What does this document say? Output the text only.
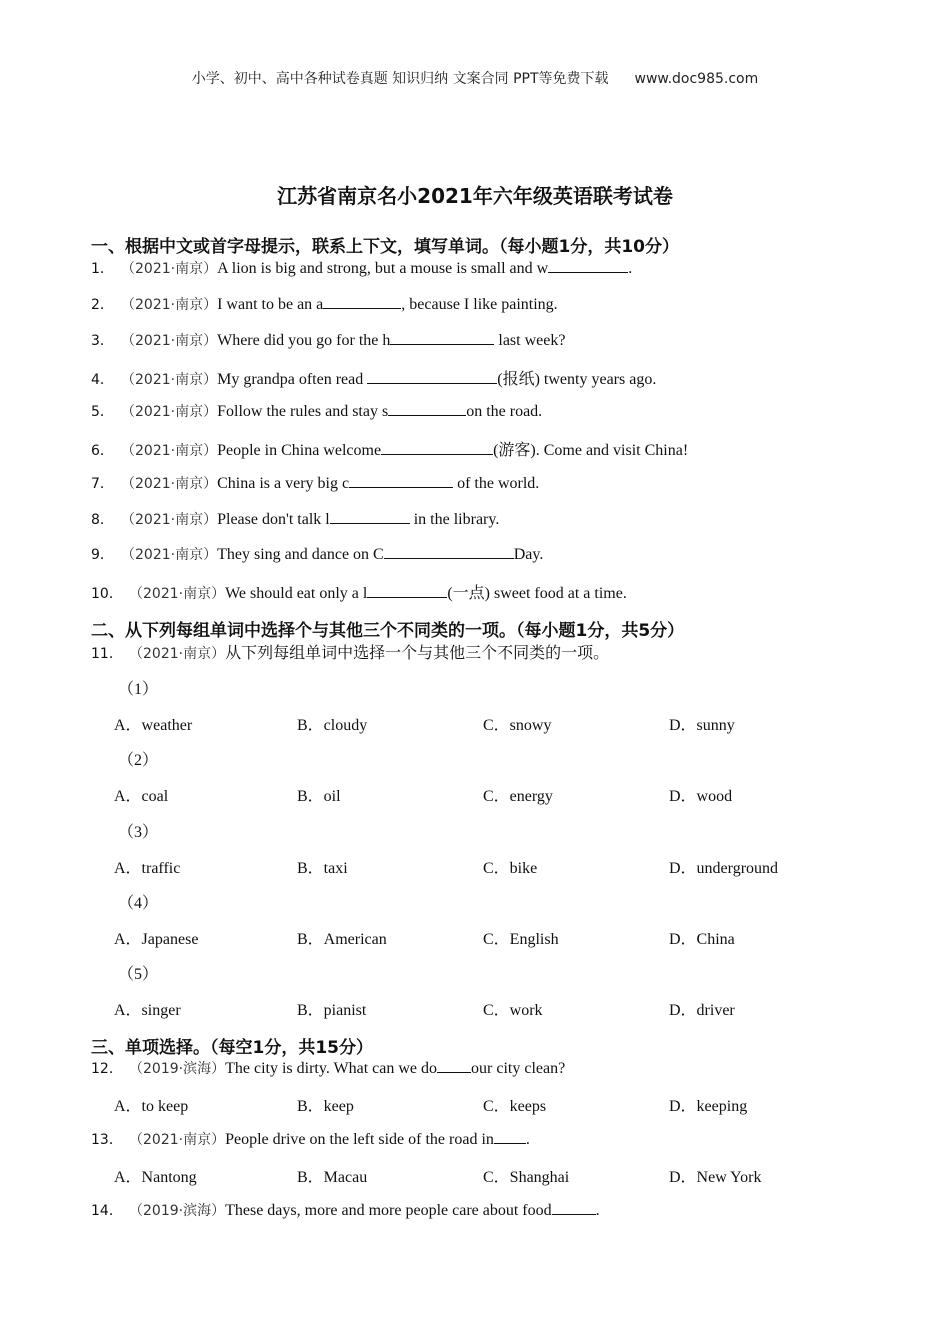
小学、初中、高中各种试卷真题 知识归纳 文案合同 PPT等免费下载 www.doc985.com
江苏省南京名小2021年六年级英语联考试卷
一、根据中文或首字母提示，联系上下文，填写单词。（每小题1分，共10分）
1． （2021·南京）A lion is big and strong, but a mouse is small and w	.
2． （2021·南京）I want to be an a	, because I like painting.
3． （2021·南京）Where did you go for the h	last week?
4． （2021·南京）My grandpa often read	(报纸) twenty years ago.
5． （2021·南京）Follow the rules and stay s	on the road.
6． （2021·南京）People in China welcome	(游客). Come and visit China!
7． （2021·南京）China is a very big c	of the world.
8． （2021·南京）Please don't talk l	in the library.
9． （2021·南京）They sing and dance on C	Day.
10． （2021·南京）We should eat only a l	(一点) sweet food at a time.
二、从下列每组单词中选择个与其他三个不同类的一项。（每小题1分，共5分）
11． （2021·南京）从下列每组单词中选择一个与其他三个不同类的一项。
（1）
A．weather	B．cloudy	C．snowy	D．sunny
（2）
A．coal	B．oil	C．energy	D．wood
（3）
A．traffic	B．taxi	C．bike	D．underground
（4）
A．Japanese	B．American	C．English	D．China
（5）
A．singer	B．pianist	C．work	D．driver
三、单项选择。（每空1分，共15分）
12． （2019·滨海）The city is dirty. What can we do our city clean?
A．to keep	B．keep	C．keeps	D．keeping
13． （2021·南京）People drive on the left side of the road in .
A．Nantong	B．Macau	C．Shanghai	D．New York
14． （2019·滨海）These days, more and more people care about food	.
